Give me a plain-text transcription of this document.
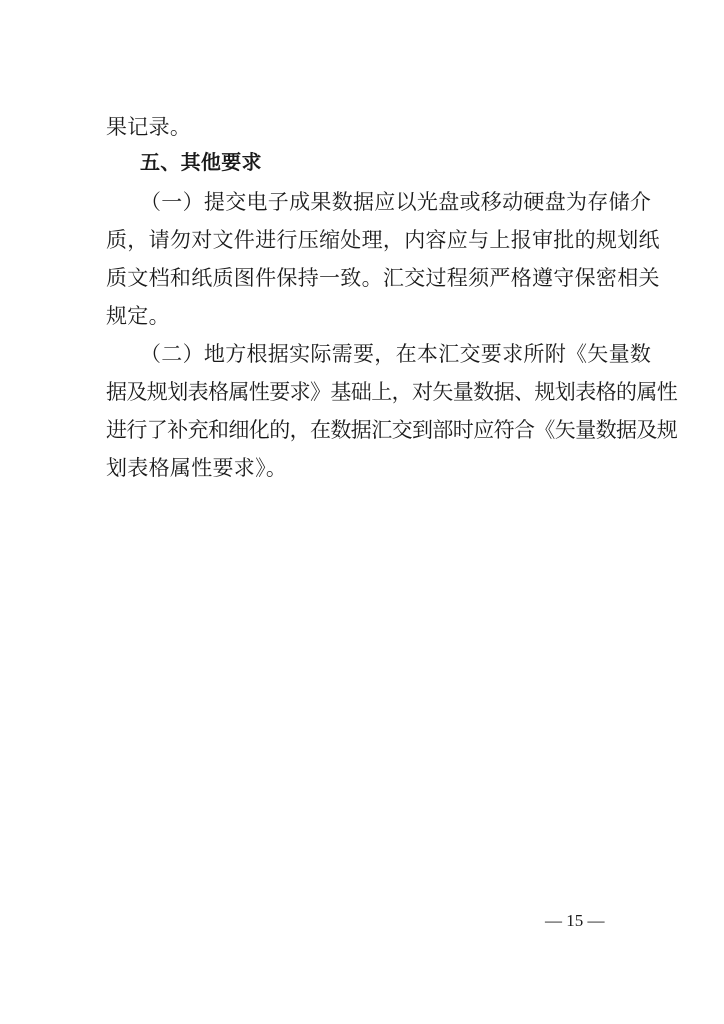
果记录。
五、其他要求
（一）提交电子成果数据应以光盘或移动硬盘为存储介
质，请勿对文件进行压缩处理，内容应与上报审批的规划纸
质文档和纸质图件保持一致。汇交过程须严格遵守保密相关
规定。
（二）地方根据实际需要，在本汇交要求所附《矢量数
据及规划表格属性要求》基础上，对矢量数据、规划表格的属性
进行了补充和细化的，在数据汇交到部时应符合《矢量数据及规
划表格属性要求》。
— 15 —
